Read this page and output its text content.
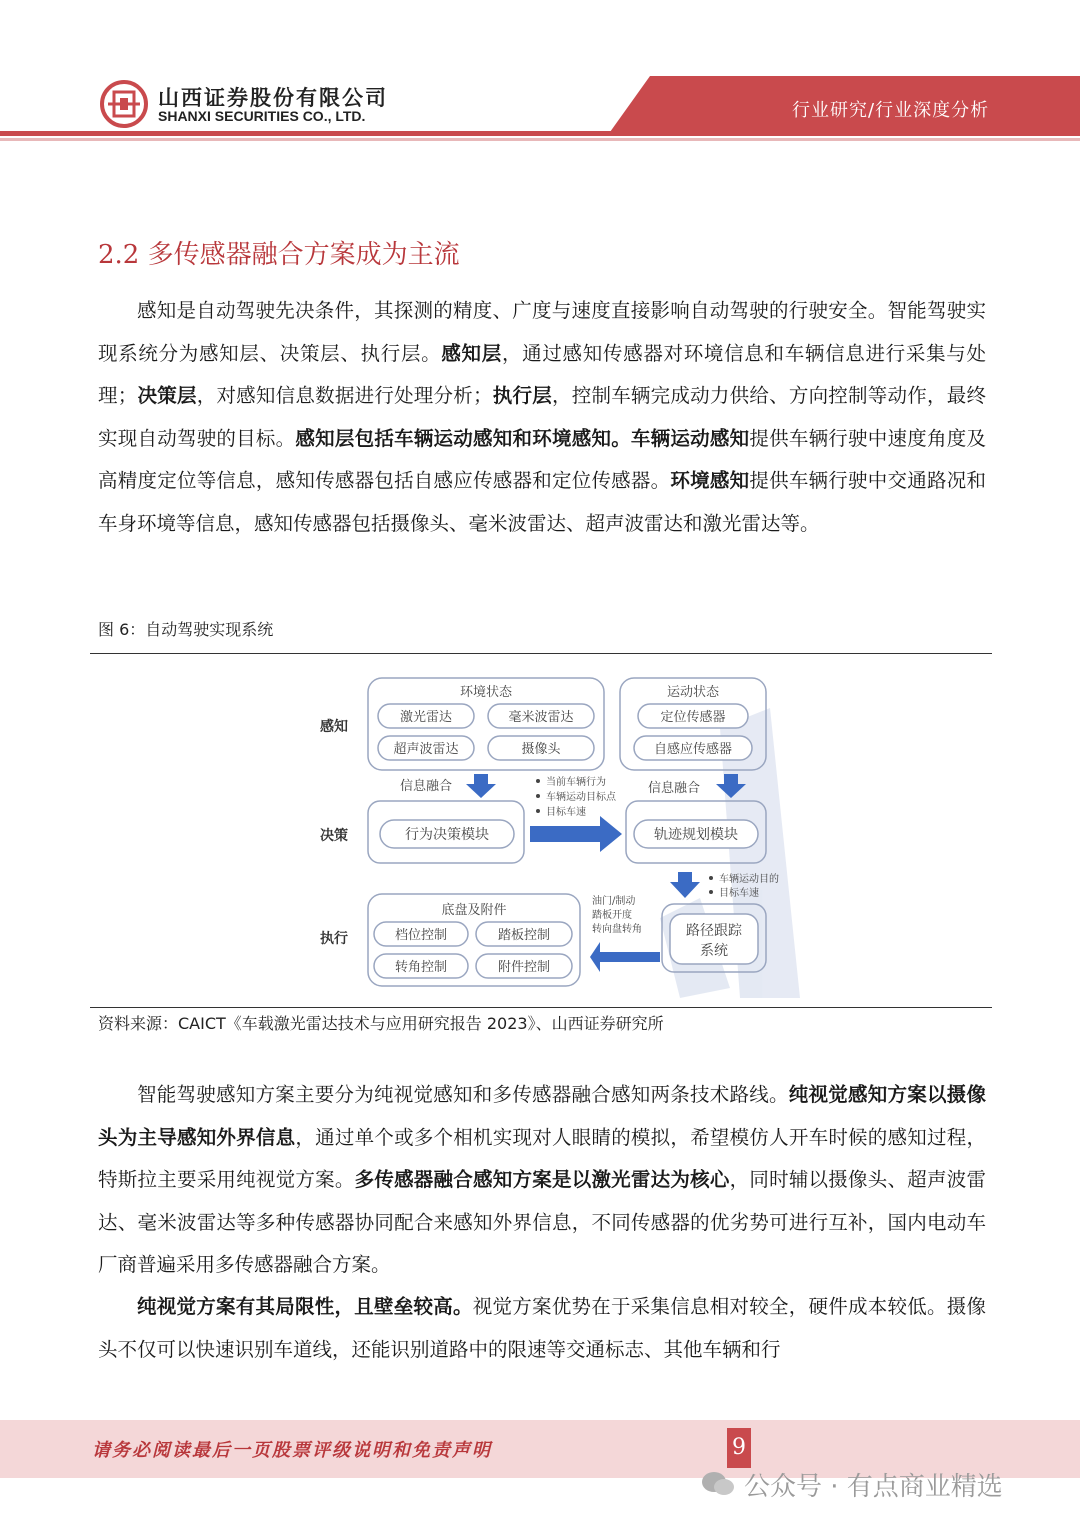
山西证券股份有限公司
SHANXI SECURITIES CO., LTD.	行业研究/行业深度分析
2.2 多传感器融合方案成为主流

感知是自动驾驶先决条件，其探测的精度、广度与速度直接影响自动驾驶的行驶安全。智能驾驶实现系统分为感知层、决策层、执行层。感知层，通过感知传感器对环境信息和车辆信息进行采集与处理；决策层，对感知信息数据进行处理分析；执行层，控制车辆完成动力供给、方向控制等动作，最终实现自动驾驶的目标。感知层包括车辆运动感知和环境感知。车辆运动感知提供车辆行驶中速度角度及高精度定位等信息，感知传感器包括自感应传感器和定位传感器。环境感知提供车辆行驶中交通路况和车身环境等信息，感知传感器包括摄像头、毫米波雷达、超声波雷达和激光雷达等。

图 6：自动驾驶实现系统
感知
决策
执行
环境状态
激光雷达	毫米波雷达
超声波雷达	摄像头
运动状态
定位传感器
自感应传感器
信息融合	信息融合
当前车辆行为
车辆运动目标点
目标车速
行为决策模块	轨迹规划模块
车辆运动目的
目标车速
底盘及附件
档位控制	踏板控制
转角控制	附件控制
油门/制动
踏板开度
转向盘转角	路径跟踪
系统
资料来源：CAICT《车载激光雷达技术与应用研究报告 2023》、山西证券研究所

智能驾驶感知方案主要分为纯视觉感知和多传感器融合感知两条技术路线。纯视觉感知方案以摄像头为主导感知外界信息，通过单个或多个相机实现对人眼睛的模拟，希望模仿人开车时候的感知过程，特斯拉主要采用纯视觉方案。多传感器融合感知方案是以激光雷达为核心，同时辅以摄像头、超声波雷达、毫米波雷达等多种传感器协同配合来感知外界信息，不同传感器的优劣势可进行互补，国内电动车厂商普遍采用多传感器融合方案。

纯视觉方案有其局限性，且壁垒较高。视觉方案优势在于采集信息相对较全，硬件成本较低。摄像头不仅可以快速识别车道线，还能识别道路中的限速等交通标志、其他车辆和行

请务必阅读最后一页股票评级说明和免责声明	9
公众号 · 有点商业精选
